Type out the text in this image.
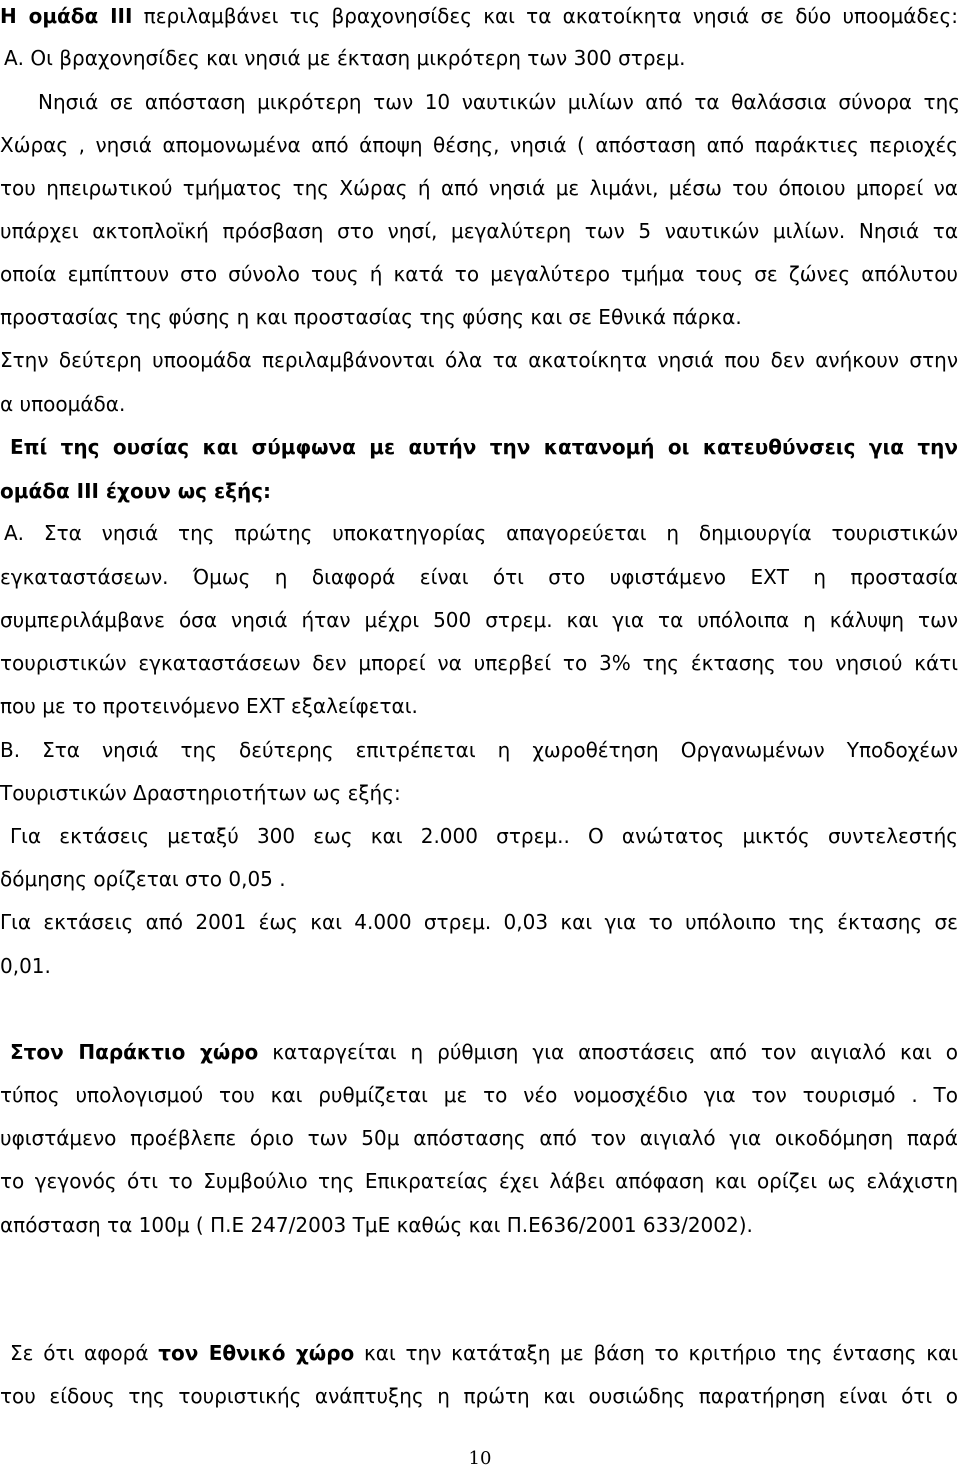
Η ομάδα ΙΙΙ περιλαμβάνει τις βραχονησίδες και τα ακατοίκητα νησιά σε δύο υποομάδες:
Α. Οι βραχονησίδες και νησιά με έκταση μικρότερη των 300 στρεμ.
Νησιά σε απόσταση μικρότερη των 10 ναυτικών μιλίων από τα θαλάσσια σύνορα της
Χώρας , νησιά απομονωμένα από άποψη θέσης, νησιά ( απόσταση από παράκτιες περιοχές
του ηπειρωτικού τμήματος της Χώρας ή από νησιά με λιμάνι, μέσω του όποιου μπορεί να
υπάρχει ακτοπλοϊκή πρόσβαση στο νησί, μεγαλύτερη των 5 ναυτικών μιλίων. Νησιά τα
οποία εμπίπτουν στο σύνολο τους ή κατά το μεγαλύτερο τμήμα τους σε ζώνες απόλυτου
προστασίας της φύσης η και προστασίας της φύσης και σε Εθνικά πάρκα.
Στην δεύτερη υποομάδα περιλαμβάνονται όλα τα ακατοίκητα νησιά που δεν ανήκουν στην
α υποομάδα.
Επί της ουσίας και σύμφωνα με αυτήν την κατανομή οι κατευθύνσεις για την
ομάδα ΙΙΙ έχουν ως εξής:
Α. Στα νησιά της πρώτης υποκατηγορίας απαγορεύεται η δημιουργία τουριστικών
εγκαταστάσεων. Όμως η διαφορά είναι ότι στο υφιστάμενο ΕΧΤ η προστασία
συμπεριλάμβανε όσα νησιά ήταν μέχρι 500 στρεμ. και για τα υπόλοιπα η κάλυψη των
τουριστικών εγκαταστάσεων δεν μπορεί να υπερβεί το 3% της έκτασης του νησιού κάτι
που με το προτεινόμενο ΕΧΤ εξαλείφεται.
Β. Στα νησιά της δεύτερης επιτρέπεται η χωροθέτηση Οργανωμένων Υποδοχέων
Τουριστικών Δραστηριοτήτων ως εξής:
Για εκτάσεις μεταξύ 300 εως και 2.000 στρεμ.. Ο ανώτατος μικτός συντελεστής
δόμησης ορίζεται στο 0,05 .
Για εκτάσεις από 2001 έως και 4.000 στρεμ. 0,03 και για το υπόλοιπο της έκτασης σε
0,01.
Στον Παράκτιο χώρο καταργείται η ρύθμιση για αποστάσεις από τον αιγιαλό και ο
τύπος υπολογισμού του και ρυθμίζεται με το νέο νομοσχέδιο για τον τουρισμό . Το
υφιστάμενο προέβλεπε όριο των 50μ απόστασης από τον αιγιαλό για οικοδόμηση παρά
το γεγονός ότι το Συμβούλιο της Επικρατείας έχει λάβει απόφαση και ορίζει ως ελάχιστη
απόσταση τα 100μ ( Π.Ε 247/2003 ΤμΕ καθώς και Π.Ε636/2001 633/2002).
Σε ότι αφορά τον Εθνικό χώρο και την κατάταξη με βάση το κριτήριο της έντασης και
του είδους της τουριστικής ανάπτυξης η πρώτη και ουσιώδης παρατήρηση είναι ότι ο
10
